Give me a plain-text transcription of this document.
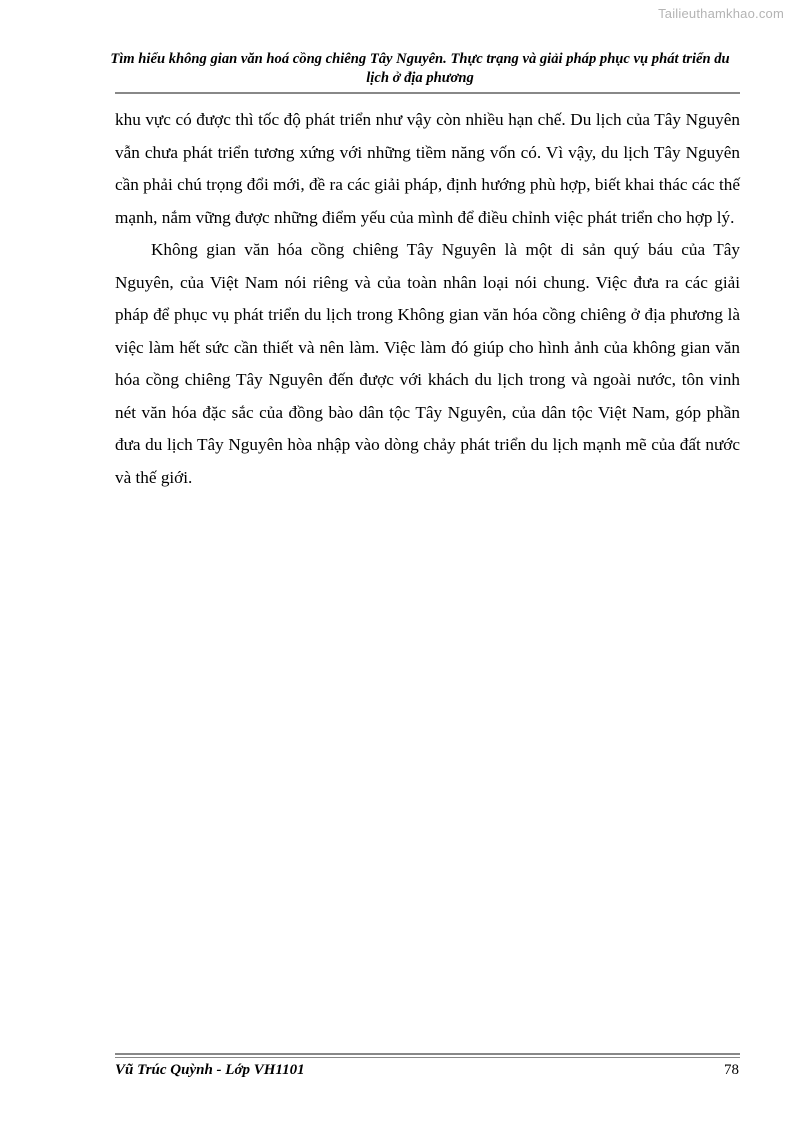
Tailieuthamkhao.com
Tìm hiểu không gian văn hoá cồng chiêng Tây Nguyên. Thực trạng và giải pháp phục vụ phát triển du lịch ở địa phương

khu vực có được thì tốc độ phát triển như vậy còn nhiều hạn chế. Du lịch của Tây Nguyên vẫn chưa phát triển tương xứng với những tiềm năng vốn có. Vì vậy, du lịch Tây Nguyên cần phải chú trọng đổi mới, đề ra các giải pháp, định hướng phù hợp, biết khai thác các thế mạnh, nắm vững được những điểm yếu của mình để điều chỉnh việc phát triển cho hợp lý.

Không gian văn hóa cồng chiêng Tây Nguyên là một di sản quý báu của Tây Nguyên, của Việt Nam nói riêng và của toàn nhân loại nói chung. Việc đưa ra các giải pháp để phục vụ phát triển du lịch trong Không gian văn hóa cồng chiêng ở địa phương là việc làm hết sức cần thiết và nên làm. Việc làm đó giúp cho hình ảnh của không gian văn hóa cồng chiêng Tây Nguyên đến được với khách du lịch trong và ngoài nước, tôn vinh nét văn hóa đặc sắc của đồng bào dân tộc Tây Nguyên, của dân tộc Việt Nam, góp phần đưa du lịch Tây Nguyên hòa nhập vào dòng chảy phát triển du lịch mạnh mẽ của đất nước và thế giới.

Vũ Trúc Quỳnh - Lớp VH1101	78
